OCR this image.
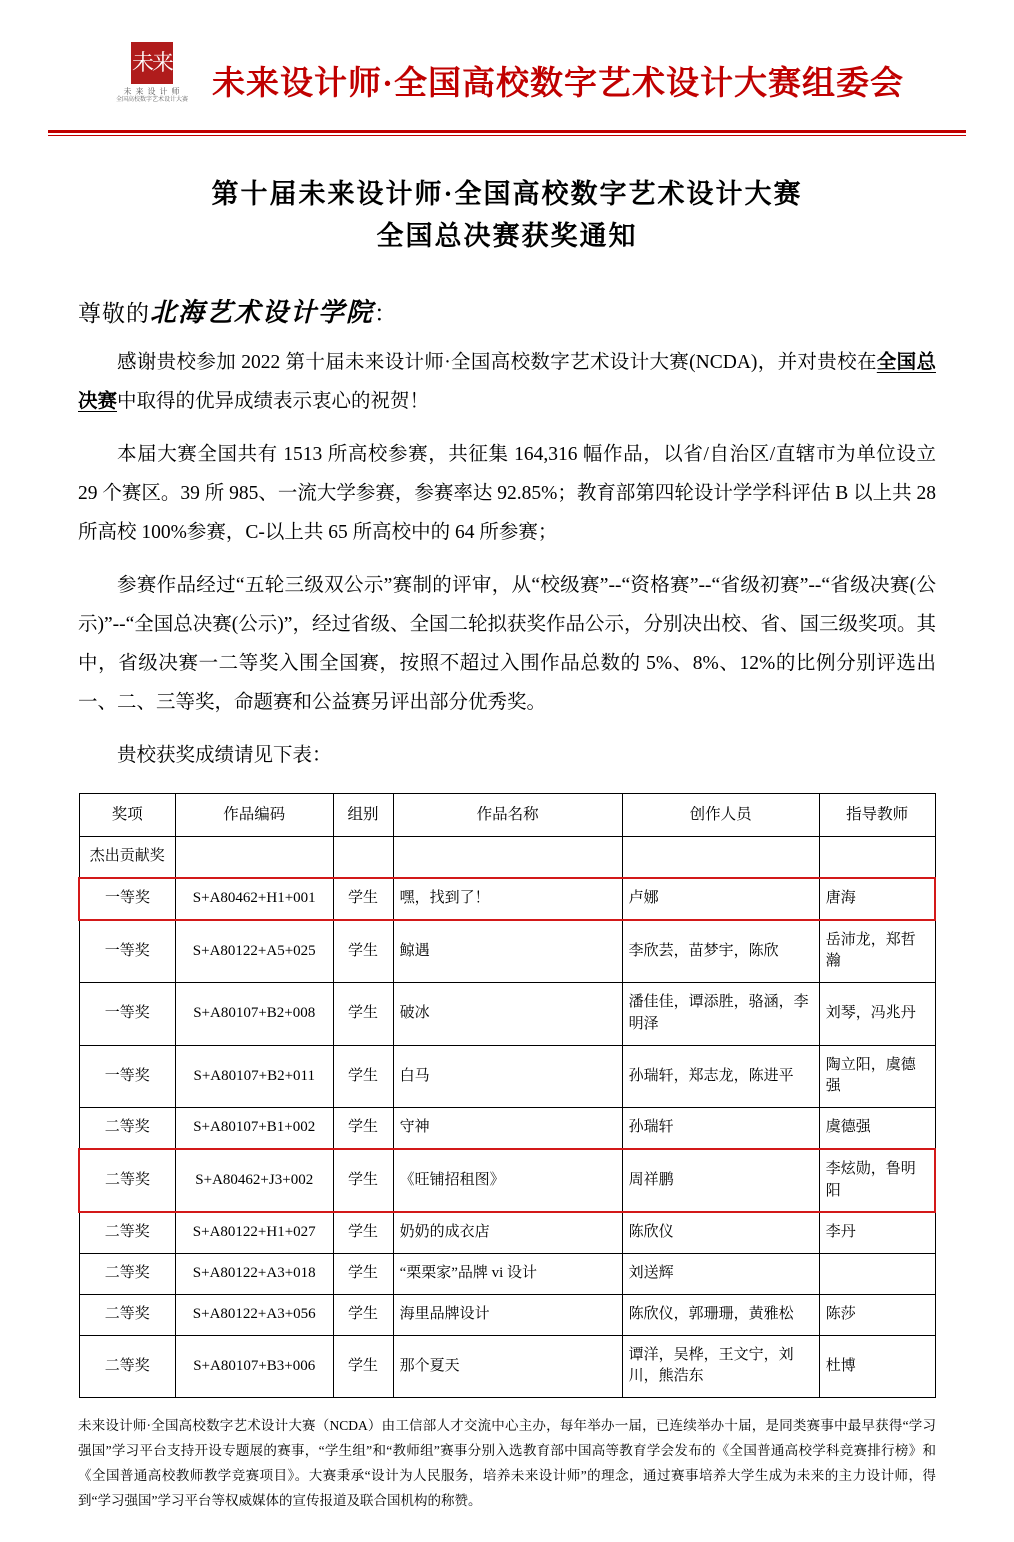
未来
未 来 设 计 师
全国高校数字艺术设计大赛 未来设计师·全国高校数字艺术设计大赛组委会
第十届未来设计师·全国高校数字艺术设计大赛
全国总决赛获奖通知
尊敬的北海艺术设计学院：
感谢贵校参加 2022 第十届未来设计师·全国高校数字艺术设计大赛(NCDA)，并对贵校在全国总决赛中取得的优异成绩表示衷心的祝贺！
本届大赛全国共有 1513 所高校参赛，共征集 164,316 幅作品，以省/自治区/直辖市为单位设立 29 个赛区。39 所 985、一流大学参赛，参赛率达 92.85%；教育部第四轮设计学学科评估 B 以上共 28 所高校 100%参赛，C-以上共 65 所高校中的 64 所参赛；
参赛作品经过“五轮三级双公示”赛制的评审，从“校级赛”--“资格赛”--“省级初赛”--“省级决赛(公示)”--“全国总决赛(公示)”，经过省级、全国二轮拟获奖作品公示，分别决出校、省、国三级奖项。其中，省级决赛一二等奖入围全国赛，按照不超过入围作品总数的 5%、8%、12%的比例分别评选出一、二、三等奖，命题赛和公益赛另评出部分优秀奖。
贵校获奖成绩请见下表：
奖项	作品编码	组别	作品名称	创作人员	指导教师
杰出贡献奖					
一等奖	S+A80462+H1+001	学生	嘿，找到了！	卢娜	唐海
一等奖	S+A80122+A5+025	学生	鲸遇	李欣芸，苗梦宇，陈欣	岳沛龙，郑哲瀚
一等奖	S+A80107+B2+008	学生	破冰	潘佳佳，谭添胜，骆涵，李明泽	刘琴，冯兆丹
一等奖	S+A80107+B2+011	学生	白马	孙瑞轩，郑志龙，陈进平	陶立阳，虞德强
二等奖	S+A80107+B1+002	学生	守神	孙瑞轩	虞德强
二等奖	S+A80462+J3+002	学生	《旺铺招租图》	周祥鹏	李炫勋，鲁明阳
二等奖	S+A80122+H1+027	学生	奶奶的成衣店	陈欣仪	李丹
二等奖	S+A80122+A3+018	学生	“栗栗家”品牌 vi 设计	刘送辉	
二等奖	S+A80122+A3+056	学生	海里品牌设计	陈欣仪，郭珊珊，黄雅松	陈莎
二等奖	S+A80107+B3+006	学生	那个夏天	谭洋，吴桦，王文宁，刘川，熊浩东	杜博
未来设计师·全国高校数字艺术设计大赛（NCDA）由工信部人才交流中心主办，每年举办一届，已连续举办十届，是同类赛事中最早获得“学习强国”学习平台支持开设专题展的赛事，“学生组”和“教师组”赛事分别入选教育部中国高等教育学会发布的《全国普通高校学科竞赛排行榜》和《全国普通高校教师教学竞赛项目》。大赛秉承“设计为人民服务，培养未来设计师”的理念，通过赛事培养大学生成为未来的主力设计师，得到“学习强国”学习平台等权威媒体的宣传报道及联合国机构的称赞。
